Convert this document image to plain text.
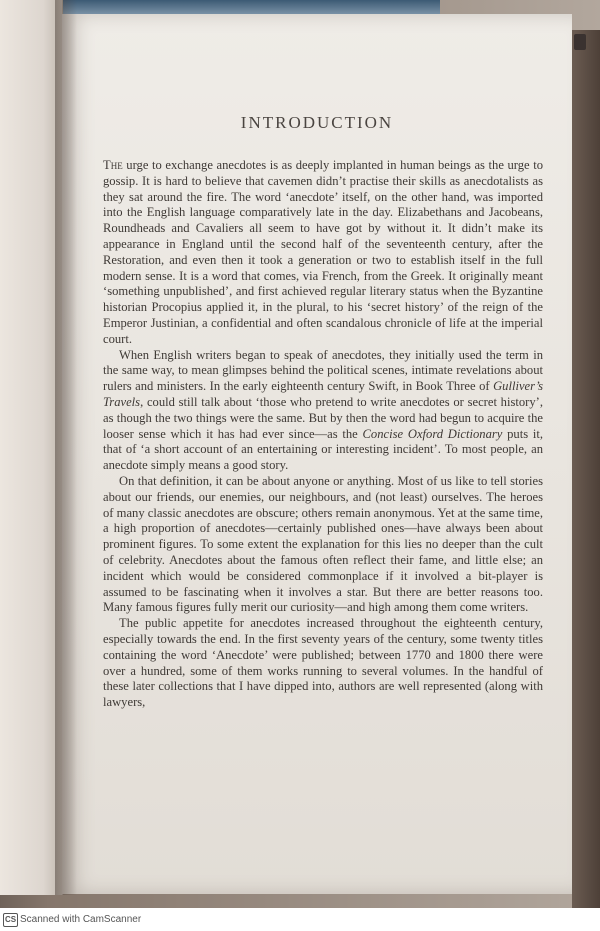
INTRODUCTION

The urge to exchange anecdotes is as deeply implanted in human beings as the urge to gossip. It is hard to believe that cavemen didn’t practise their skills as anecdotalists as they sat around the fire. The word ‘anecdote’ itself, on the other hand, was imported into the English language comparatively late in the day. Elizabethans and Jacobeans, Roundheads and Cavaliers all seem to have got by without it. It didn’t make its appearance in England until the second half of the seventeenth century, after the Restoration, and even then it took a generation or two to establish itself in the full modern sense. It is a word that comes, via French, from the Greek. It originally meant ‘something unpublished’, and first achieved regular literary status when the Byzantine historian Procopius applied it, in the plural, to his ‘secret history’ of the reign of the Emperor Justinian, a confidential and often scandalous chronicle of life at the imperial court.

When English writers began to speak of anecdotes, they initially used the term in the same way, to mean glimpses behind the political scenes, intimate revelations about rulers and ministers. In the early eighteenth century Swift, in Book Three of Gulliver’s Travels, could still talk about ‘those who pretend to write anecdotes or secret history’, as though the two things were the same. But by then the word had begun to acquire the looser sense which it has had ever since—as the Concise Oxford Dictionary puts it, that of ‘a short account of an entertaining or interesting incident’. To most people, an anecdote simply means a good story.

On that definition, it can be about anyone or anything. Most of us like to tell stories about our friends, our enemies, our neighbours, and (not least) ourselves. The heroes of many classic anecdotes are obscure; others remain anonymous. Yet at the same time, a high proportion of anecdotes—certainly published ones—have always been about prominent figures. To some extent the explanation for this lies no deeper than the cult of celebrity. Anecdotes about the famous often reflect their fame, and little else; an incident which would be considered commonplace if it involved a bit-player is assumed to be fascinating when it involves a star. But there are better reasons too. Many famous figures fully merit our curiosity—and high among them come writers.

The public appetite for anecdotes increased throughout the eighteenth century, especially towards the end. In the first seventy years of the century, some twenty titles containing the word ‘Anecdote’ were published; between 1770 and 1800 there were over a hundred, some of them works running to several volumes. In the handful of these later collections that I have dipped into, authors are well represented (along with lawyers,

CS Scanned with CamScanner
